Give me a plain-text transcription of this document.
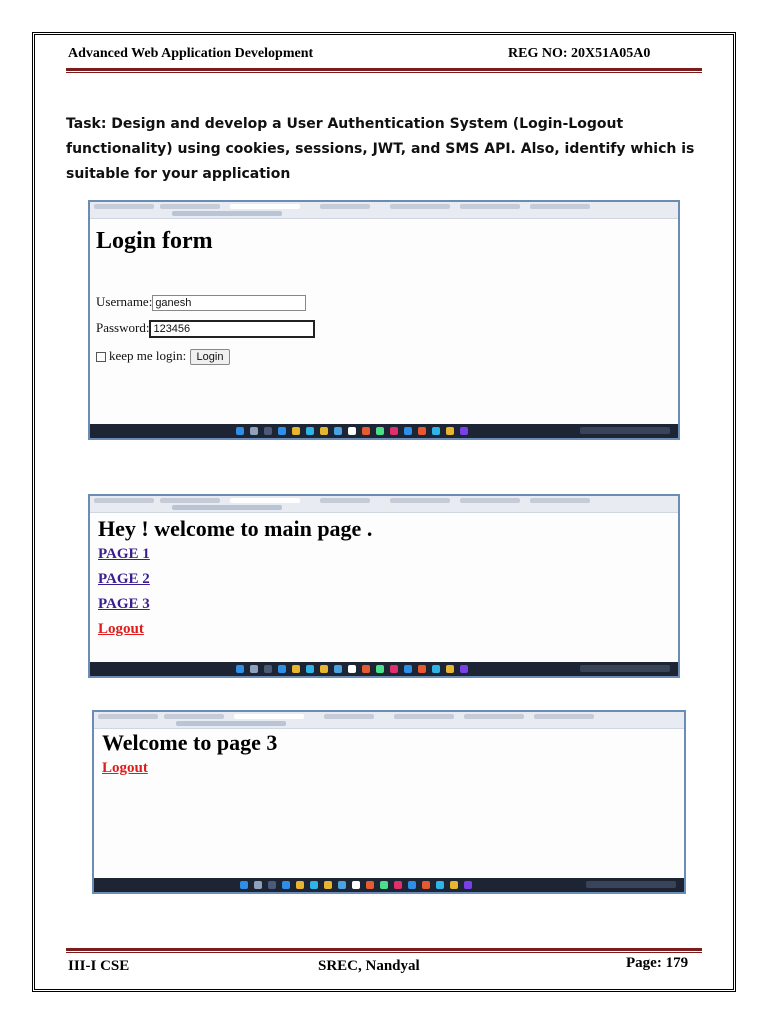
Advanced Web Application Development	REG NO: 20X51A05A0
Task: Design and develop a User Authentication System (Login-Logout functionality) using cookies, sessions, JWT, and SMS API. Also, identify which is suitable for your application
Login form
Username: ganesh
Password: 123456
keep me login: Login
Hey ! welcome to main page .
PAGE 1
PAGE 2
PAGE 3
Logout
Welcome to page 3
Logout
III-I CSE	SREC, Nandyal	Page: 179
